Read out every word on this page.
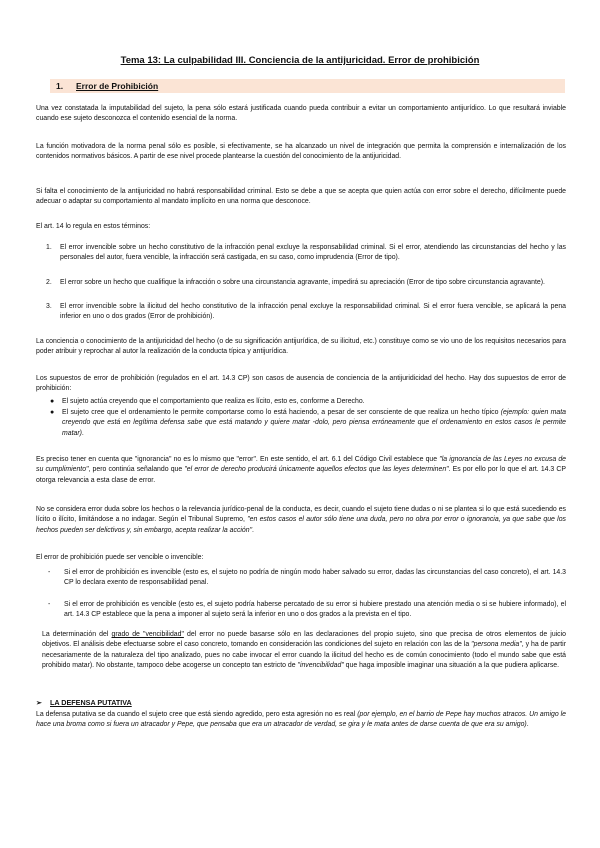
Tema 13: La culpabilidad III. Conciencia de la antijuricidad. Error de prohibición
1. Error de Prohibición

Una vez constatada la imputabilidad del sujeto, la pena sólo estará justificada cuando pueda contribuir a evitar un comportamiento antijurídico. Lo que resultará inviable cuando ese sujeto desconozca el contenido esencial de la norma.

La función motivadora de la norma penal sólo es posible, si efectivamente, se ha alcanzado un nivel de integración que permita la comprensión e internalización de los contenidos normativos básicos. A partir de ese nivel procede plantearse la cuestión del conocimiento de la antijuricidad.

Si falta el conocimiento de la antijuricidad no habrá responsabilidad criminal. Esto se debe a que se acepta que quien actúa con error sobre el derecho, difícilmente puede adecuar o adaptar su comportamiento al mandato implícito en una norma que desconoce.

El art. 14 lo regula en estos términos:

1. El error invencible sobre un hecho constitutivo de la infracción penal excluye la responsabilidad criminal. Si el error, atendiendo las circunstancias del hecho y las personales del autor, fuera vencible, la infracción será castigada, en su caso, como imprudencia (Error de tipo).

2. El error sobre un hecho que cualifique la infracción o sobre una circunstancia agravante, impedirá su apreciación (Error de tipo sobre circunstancia agravante).

3. El error invencible sobre la ilicitud del hecho constitutivo de la infracción penal excluye la responsabilidad criminal. Si el error fuera vencible, se aplicará la pena inferior en uno o dos grados (Error de prohibición).

La conciencia o conocimiento de la antijuricidad del hecho (o de su significación antijurídica, de su ilicitud, etc.) constituye como se vio uno de los requisitos necesarios para poder atribuir y reprochar al autor la realización de la conducta típica y antijurídica.

Los supuestos de error de prohibición (regulados en el art. 14.3 CP) son casos de ausencia de conciencia de la antijuridicidad del hecho. Hay dos supuestos de error de prohibición:

● El sujeto actúa creyendo que el comportamiento que realiza es lícito, esto es, conforme a Derecho.

● El sujeto cree que el ordenamiento le permite comportarse como lo está haciendo, a pesar de ser consciente de que realiza un hecho típico (ejemplo: quien mata creyendo que está en legítima defensa sabe que está matando y quiere matar -dolo, pero piensa erróneamente que el ordenamiento en estos casos le permite matar).

Es preciso tener en cuenta que "ignorancia" no es lo mismo que "error". En este sentido, el art. 6.1 del Código Civil establece que "la ignorancia de las Leyes no excusa de su cumplimiento", pero continúa señalando que "el error de derecho producirá únicamente aquellos efectos que las leyes determinen". Es por ello por lo que el art. 14.3 CP otorga relevancia a esta clase de error.

No se considera error duda sobre los hechos o la relevancia jurídico-penal de la conducta, es decir, cuando el sujeto tiene dudas o ni se plantea si lo que está sucediendo es lícito o ilícito, limitándose a no indagar. Según el Tribunal Supremo, "en estos casos el autor sólo tiene una duda, pero no obra por error o ignorancia, ya que sabe que los hechos pueden ser delictivos y, sin embargo, acepta realizar la acción".

El error de prohibición puede ser vencible o invencible:

- Si el error de prohibición es invencible (esto es, el sujeto no podría de ningún modo haber salvado su error, dadas las circunstancias del caso concreto), el art. 14.3 CP lo declara exento de responsabilidad penal.

- Si el error de prohibición es vencible (esto es, el sujeto podría haberse percatado de su error si hubiere prestado una atención media o si se hubiere informado), el art. 14.3 CP establece que la pena a imponer al sujeto será la inferior en uno o dos grados a la prevista en el tipo.

La determinación del grado de "vencibilidad" del error no puede basarse sólo en las declaraciones del propio sujeto, sino que precisa de otros elementos de juicio objetivos. El análisis debe efectuarse sobre el caso concreto, tomando en consideración las condiciones del sujeto en relación con las de la "persona media", y ha de partir necesariamente de la naturaleza del tipo analizado, pues no cabe invocar el error cuando la ilicitud del hecho es de común conocimiento (todo el mundo sabe que está prohibido matar). No obstante, tampoco debe acogerse un concepto tan estricto de "invencibilidad" que haga imposible imaginar una situación a la que pudiera aplicarse.

➢ LA DEFENSA PUTATIVA

La defensa putativa se da cuando el sujeto cree que está siendo agredido, pero esta agresión no es real (por ejemplo, en el barrio de Pepe hay muchos atracos. Un amigo le hace una broma como si fuera un atracador y Pepe, que pensaba que era un atracador de verdad, se gira y le mata antes de darse cuenta de que era su amigo).
